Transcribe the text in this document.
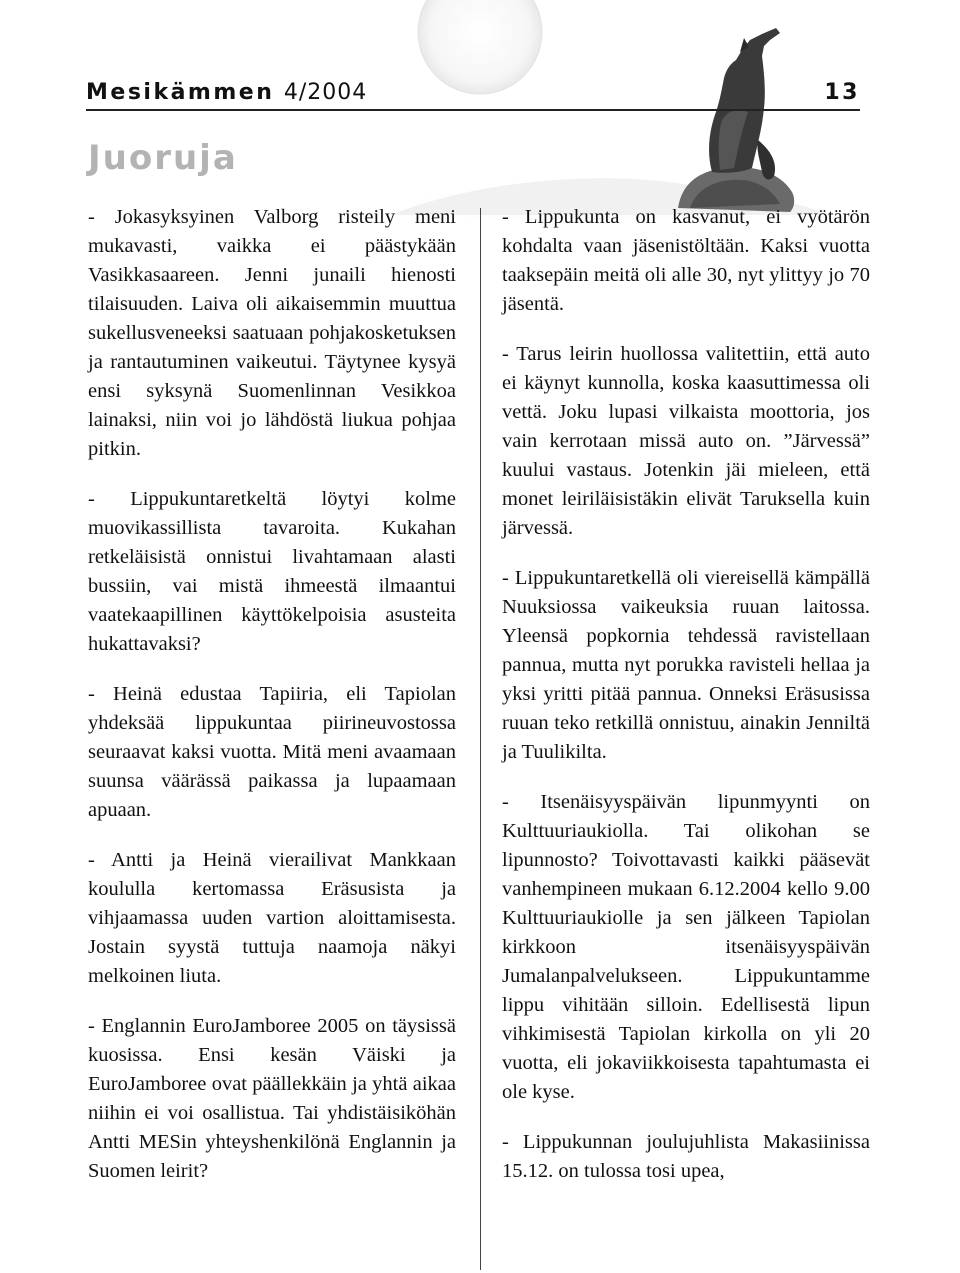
Mesikämmen 4/2004	13
Juoruja

- Jokasyksyinen Valborg risteily meni mukavasti, vaikka ei päästykään Vasikkasaareen. Jenni junaili hienosti tilaisuuden. Laiva oli aikaisemmin muuttua sukellusveneeksi saatuaan pohjakosketuksen ja rantautuminen vaikeutui. Täytynee kysyä ensi syksynä Suomenlinnan Vesikkoa lainaksi, niin voi jo lähdöstä liukua pohjaa pitkin.

- Lippukuntaretkeltä löytyi kolme muovikassillista tavaroita. Kukahan retkeläisistä onnistui livahtamaan alasti bussiin, vai mistä ihmeestä ilmaantui vaatekaapillinen käyttökelpoisia asusteita hukattavaksi?

- Heinä edustaa Tapiiria, eli Tapiolan yhdeksää lippukuntaa piirineuvostossa seuraavat kaksi vuotta. Mitä meni avaamaan suunsa väärässä paikassa ja lupaamaan apuaan.

- Antti ja Heinä vierailivat Mankkaan koululla kertomassa Eräsusista ja vihjaamassa uuden vartion aloittamisesta. Jostain syystä tuttuja naamoja näkyi melkoinen liuta.

- Englannin EuroJamboree 2005 on täysissä kuosissa. Ensi kesän Väiski ja EuroJamboree ovat päällekkäin ja yhtä aikaa niihin ei voi osallistua. Tai yhdistäisiköhän Antti MESin yhteyshenkilönä Englannin ja Suomen leirit?

- Lippukunta on kasvanut, ei vyötärön kohdalta vaan jäsenistöltään. Kaksi vuotta taaksepäin meitä oli alle 30, nyt ylittyy jo 70 jäsentä.

- Tarus leirin huollossa valitettiin, että auto ei käynyt kunnolla, koska kaasuttimessa oli vettä. Joku lupasi vilkaista moottoria, jos vain kerrotaan missä auto on. ”Järvessä” kuului vastaus. Jotenkin jäi mieleen, että monet leiriläisistäkin elivät Taruksella kuin järvessä.

- Lippukuntaretkellä oli viereisellä kämpällä Nuuksiossa vaikeuksia ruuan laitossa. Yleensä popkornia tehdessä ravistellaan pannua, mutta nyt porukka ravisteli hellaa ja yksi yritti pitää pannua. Onneksi Eräsusissa ruuan teko retkillä onnistuu, ainakin Jenniltä ja Tuulikilta.

- Itsenäisyyspäivän lipunmyynti on Kulttuuriaukiolla. Tai olikohan se lipunnosto? Toivottavasti kaikki pääsevät vanhempineen mukaan 6.12.2004 kello 9.00 Kulttuuriaukiolle ja sen jälkeen Tapiolan kirkkoon itsenäisyyspäivän Jumalanpalvelukseen. Lippukuntamme lippu vihitään silloin. Edellisestä lipun vihkimisestä Tapiolan kirkolla on yli 20 vuotta, eli jokaviikkoisesta tapahtumasta ei ole kyse.

- Lippukunnan joulujuhlista Makasiinissa 15.12. on tulossa tosi upea,
